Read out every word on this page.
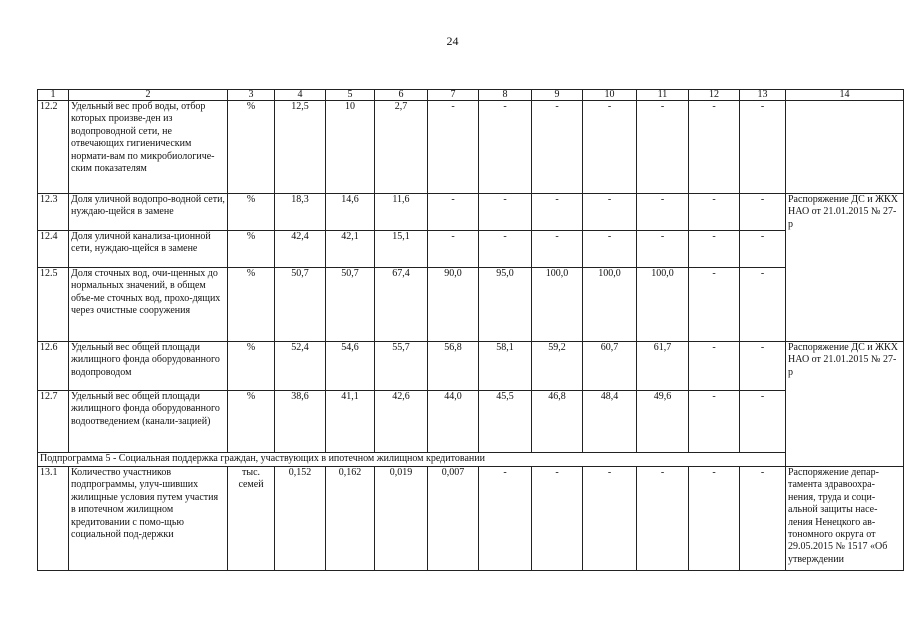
24
1	2	3	4	5	6	7	8	9	10	11	12	13	14
12.2	Удельный вес проб воды, отбор которых произве-ден из водопроводной сети, не отвечающих гигиеническим нормати-вам по микробиологиче-ским показателям	%	12,5	10	2,7	-	-	-	-	-	-	-	
12.3	Доля уличной водопро-водной сети, нуждаю-щейся в замене	%	18,3	14,6	11,6	-	-	-	-	-	-	-	Распоряжение ДС и ЖКХ НАО от 21.01.2015 № 27-р
12.4	Доля уличной канализа-ционной сети, нуждаю-щейся в замене	%	42,4	42,1	15,1	-	-	-	-	-	-	-	
12.5	Доля сточных вод, очи-щенных до нормальных значений, в общем объе-ме сточных вод, прохо-дящих через очистные сооружения	%	50,7	50,7	67,4	90,0	95,0	100,0	100,0	100,0	-	-	
12.6	Удельный вес общей площади жилищного фонда оборудованного водопроводом	%	52,4	54,6	55,7	56,8	58,1	59,2	60,7	61,7	-	-	Распоряжение ДС и ЖКХ НАО от 21.01.2015 № 27-р
12.7	Удельный вес общей площади жилищного фонда оборудованного водоотведением (канали-зацией)	%	38,6	41,1	42,6	44,0	45,5	46,8	48,4	49,6	-	-	
Подпрограмма 5 - Социальная поддержка граждан, участвующих в ипотечном жилищном кредитовании													
13.1	Количество участников подпрограммы, улуч-шивших жилищные условия путем участия в ипотечном жилищном кредитовании с помо-щью социальной под-держки	тыс. семей	0,152	0,162	0,019	0,007	-	-	-	-	-	-	Распоряжение депар-тамента здравоохра-нения, труда и соци-альной защиты насе-ления Ненецкого ав-тономного округа от 29.05.2015 № 1517 «Об утверждении
